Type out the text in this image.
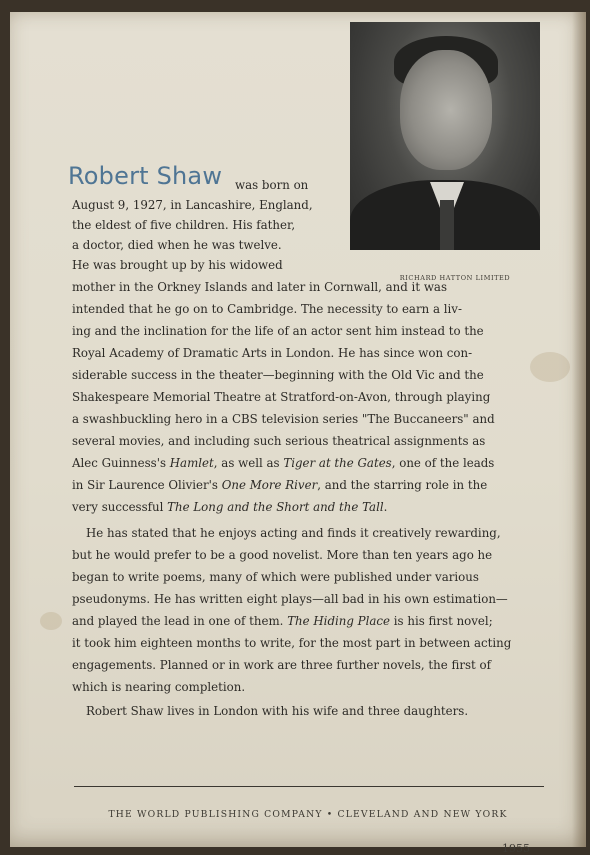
RICHARD HATTON LIMITED
Robert Shaw was born on
August 9, 1927, in Lancashire, England,
the eldest of five children. His father,
a doctor, died when he was twelve.
He was brought up by his widowed
mother in the Orkney Islands and later in Cornwall, and it was
intended that he go on to Cambridge. The necessity to earn a liv-
ing and the inclination for the life of an actor sent him instead to the
Royal Academy of Dramatic Arts in London. He has since won con-
siderable success in the theater—beginning with the Old Vic and the
Shakespeare Memorial Theatre at Stratford-on-Avon, through playing
a swashbuckling hero in a CBS television series "The Buccaneers" and
several movies, and including such serious theatrical assignments as
Alec Guinness's Hamlet, as well as Tiger at the Gates, one of the leads
in Sir Laurence Olivier's One More River, and the starring role in the
very successful The Long and the Short and the Tall.
He has stated that he enjoys acting and finds it creatively rewarding,
but he would prefer to be a good novelist. More than ten years ago he
began to write poems, many of which were published under various
pseudonyms. He has written eight plays—all bad in his own estimation—
and played the lead in one of them. The Hiding Place is his first novel;
it took him eighteen months to write, for the most part in between acting
engagements. Planned or in work are three further novels, the first of
which is nearing completion.
Robert Shaw lives in London with his wife and three daughters.
THE WORLD PUBLISHING COMPANY • CLEVELAND AND NEW YORK
1955
